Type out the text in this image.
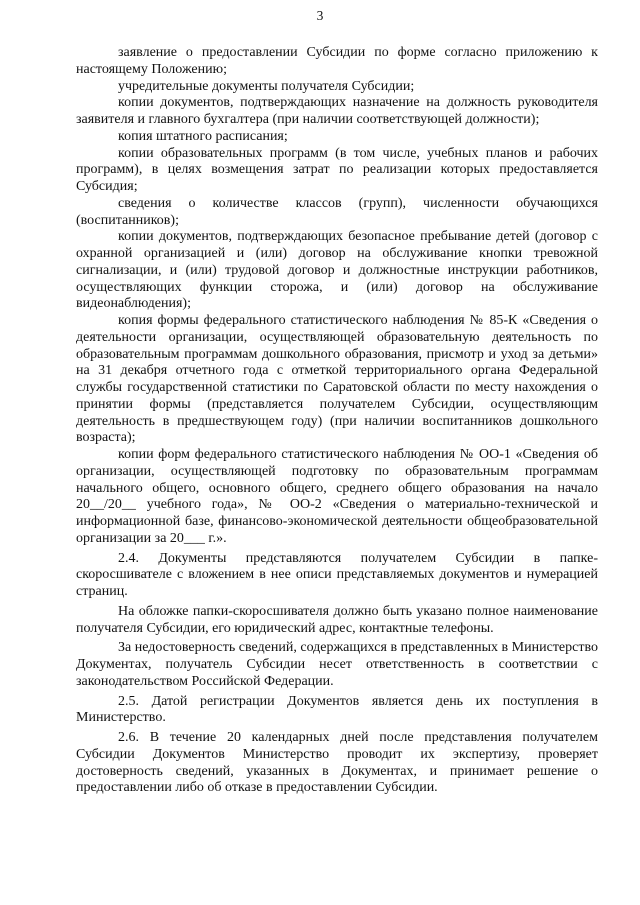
3

заявление о предоставлении Субсидии по форме согласно приложению к настоящему Положению;

учредительные документы получателя Субсидии;

копии документов, подтверждающих назначение на должность руководителя заявителя и главного бухгалтера (при наличии соответствующей должности);

копия штатного расписания;

копии образовательных программ (в том числе, учебных планов и рабочих программ), в целях возмещения затрат по реализации которых предоставляется Субсидия;

сведения о количестве классов (групп), численности обучающихся (воспитанников);

копии документов, подтверждающих безопасное пребывание детей (договор с охранной организацией и (или) договор на обслуживание кнопки тревожной сигнализации, и (или) трудовой договор и должностные инструкции работников, осуществляющих функции сторожа, и (или) договор на обслуживание видеонаблюдения);

копия формы федерального статистического наблюдения № 85-К «Сведения о деятельности организации, осуществляющей образовательную деятельность по образовательным программам дошкольного образования, присмотр и уход за детьми» на 31 декабря отчетного года с отметкой территориального органа Федеральной службы государственной статистики по Саратовской области по месту нахождения о принятии формы (представляется получателем Субсидии, осуществляющим деятельность в предшествующем году) (при наличии воспитанников дошкольного возраста);

копии форм федерального статистического наблюдения № ОО-1 «Сведения об организации, осуществляющей подготовку по образовательным программам начального общего, основного общего, среднего общего образования на начало 20__/20__ учебного года», № ОО-2 «Сведения о материально-технической и информационной базе, финансово-экономической деятельности общеобразовательной организации за 20___ г.».

2.4. Документы представляются получателем Субсидии в папке-скоросшивателе с вложением в нее описи представляемых документов и нумерацией страниц.

На обложке папки-скоросшивателя должно быть указано полное наименование получателя Субсидии, его юридический адрес, контактные телефоны.

За недостоверность сведений, содержащихся в представленных в Министерство Документах, получатель Субсидии несет ответственность в соответствии с законодательством Российской Федерации.

2.5. Датой регистрации Документов является день их поступления в Министерство.

2.6. В течение 20 календарных дней после представления получателем Субсидии Документов Министерство проводит их экспертизу, проверяет достоверность сведений, указанных в Документах, и принимает решение о предоставлении либо об отказе в предоставлении Субсидии.
